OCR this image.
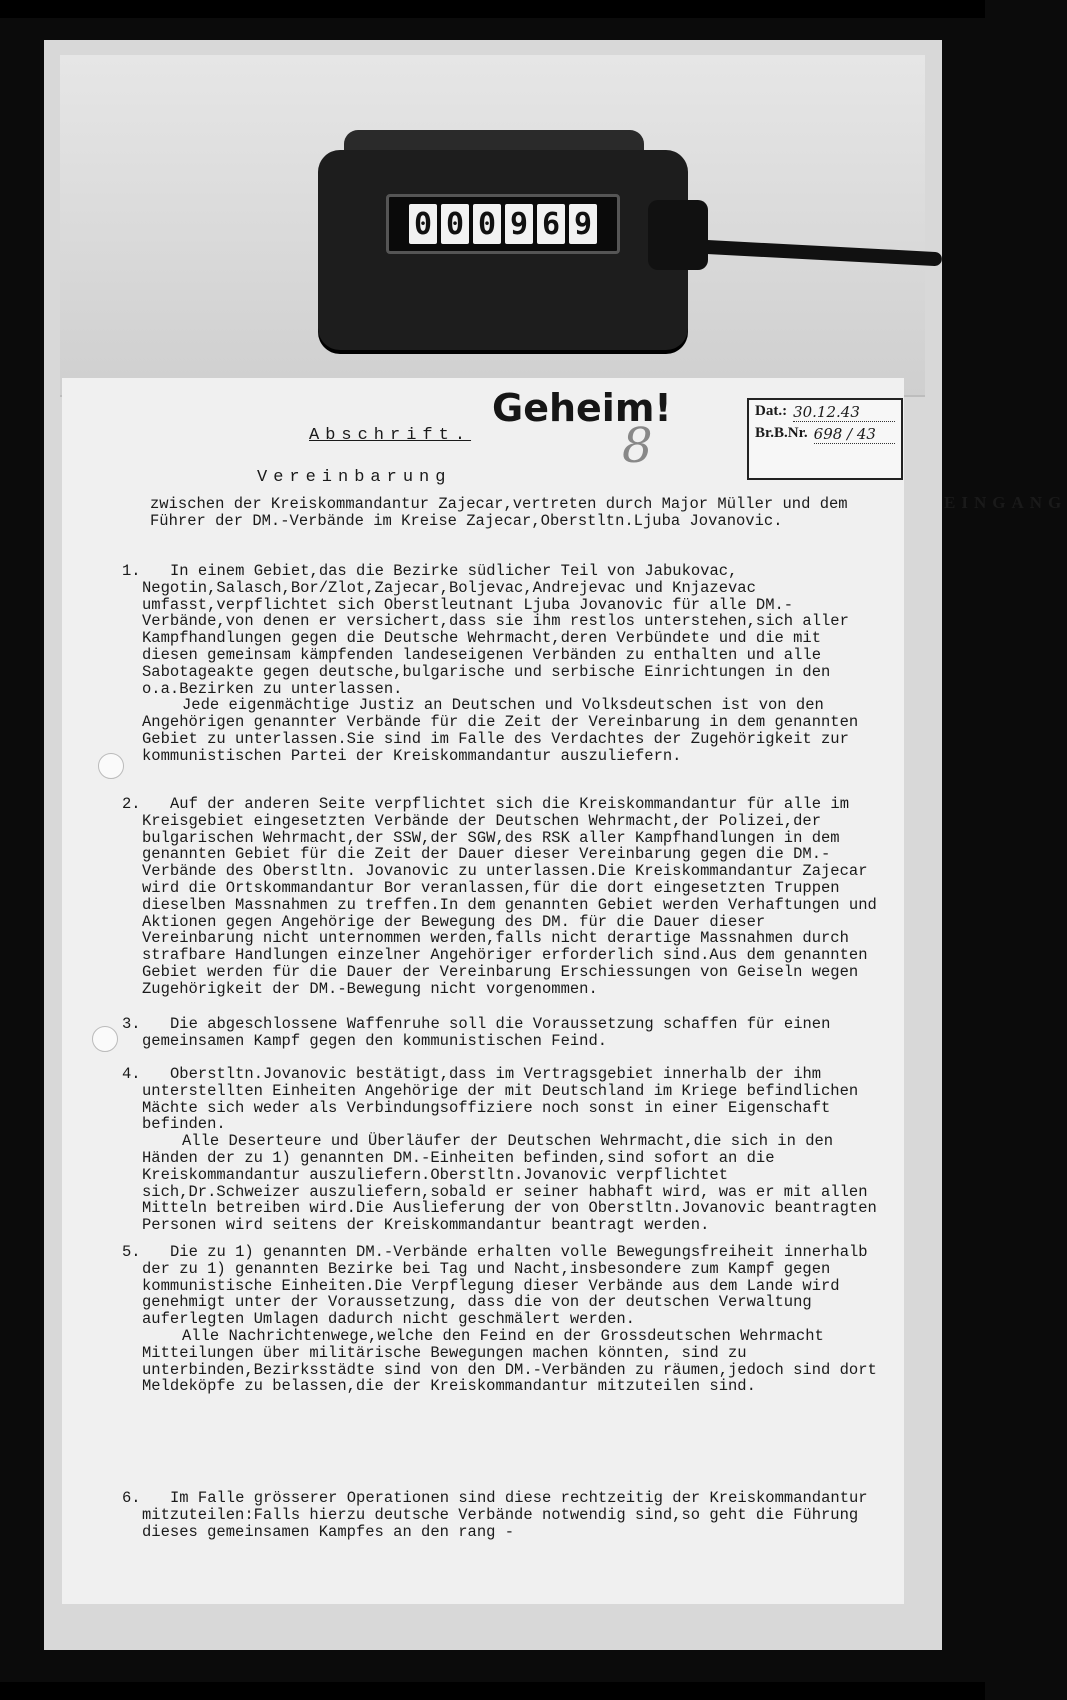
0 0 0 9 6 9
Geheim!
Abschrift.
EINGANG
Dat.: 30.12.43
Br.B.Nr. 698 / 43
8
Vereinbarung
zwischen der Kreiskommandantur Zajecar,vertreten durch Major Müller und dem Führer der DM.-Verbände im Kreise Zajecar,Oberstltn.Ljuba Jovanovic.
1.	In einem Gebiet,das die Bezirke südlicher Teil von Jabukovac, Negotin,Salasch,Bor/Zlot,Zajecar,Boljevac,Andrejevac und Knjazevac umfasst,verpflichtet sich Oberstleutnant Ljuba Jovanovic für alle DM.-Verbände,von denen er versichert,dass sie ihm restlos unterstehen,sich aller Kampfhandlungen gegen die Deutsche Wehrmacht,deren Verbündete und die mit diesen gemeinsam kämpfenden landeseigenen Verbänden zu enthalten und alle Sabotageakte gegen deutsche,bulgarische und serbische Einrichtungen in den o.a.Bezirken zu unterlassen.

Jede eigenmächtige Justiz an Deutschen und Volksdeutschen ist von den Angehörigen genannter Verbände für die Zeit der Vereinbarung in dem genannten Gebiet zu unterlassen.Sie sind im Falle des Verdachtes der Zugehörigkeit zur kommunistischen Partei der Kreiskommandantur auszuliefern.

2.	Auf der anderen Seite verpflichtet sich die Kreiskommandantur für alle im Kreisgebiet eingesetzten Verbände der Deutschen Wehrmacht,der Polizei,der bulgarischen Wehrmacht,der SSW,der SGW,des RSK aller Kampfhandlungen in dem genannten Gebiet für die Zeit der Dauer dieser Vereinbarung gegen die DM.-Verbände des Oberstltn. Jovanovic zu unterlassen.Die Kreiskommandantur Zajecar wird die Ortskommandantur Bor veranlassen,für die dort eingesetzten Truppen dieselben Massnahmen zu treffen.In dem genannten Gebiet werden Verhaftungen und Aktionen gegen Angehörige der Bewegung des DM. für die Dauer dieser Vereinbarung nicht unternommen werden,falls nicht derartige Massnahmen durch strafbare Handlungen einzelner Angehöriger erforderlich sind.Aus dem genannten Gebiet werden für die Dauer der Vereinbarung Erschiessungen von Geiseln wegen Zugehörigkeit der DM.-Bewegung nicht vorgenommen.

3.	Die abgeschlossene Waffenruhe soll die Voraussetzung schaffen für einen gemeinsamen Kampf gegen den kommunistischen Feind.

4.	Oberstltn.Jovanovic bestätigt,dass im Vertragsgebiet innerhalb der ihm unterstellten Einheiten Angehörige der mit Deutschland im Kriege befindlichen Mächte sich weder als Verbindungsoffiziere noch sonst in einer Eigenschaft befinden.

Alle Deserteure und Überläufer der Deutschen Wehrmacht,die sich in den Händen der zu 1) genannten DM.-Einheiten befinden,sind sofort an die Kreiskommandantur auszuliefern.Oberstltn.Jovanovic verpflichtet sich,Dr.Schweizer auszuliefern,sobald er seiner habhaft wird, was er mit allen Mitteln betreiben wird.Die Auslieferung der von Oberstltn.Jovanovic beantragten Personen wird seitens der Kreiskommandantur beantragt werden.

5.	Die zu 1) genannten DM.-Verbände erhalten volle Bewegungsfreiheit innerhalb der zu 1) genannten Bezirke bei Tag und Nacht,insbesondere zum Kampf gegen kommunistische Einheiten.Die Verpflegung dieser Verbände aus dem Lande wird genehmigt unter der Voraussetzung, dass die von der deutschen Verwaltung auferlegten Umlagen dadurch nicht geschmälert werden.

Alle Nachrichtenwege,welche den Feind en der Grossdeutschen Wehrmacht Mitteilungen über militärische Bewegungen machen könnten, sind zu unterbinden,Bezirksstädte sind von den DM.-Verbänden zu räumen,jedoch sind dort Meldeköpfe zu belassen,die der Kreiskommandantur mitzuteilen sind.

6.	Im Falle grösserer Operationen sind diese rechtzeitig der Kreiskommandantur mitzuteilen:Falls hierzu deutsche Verbände notwendig sind,so geht die Führung dieses gemeinsamen Kampfes an den rang -
